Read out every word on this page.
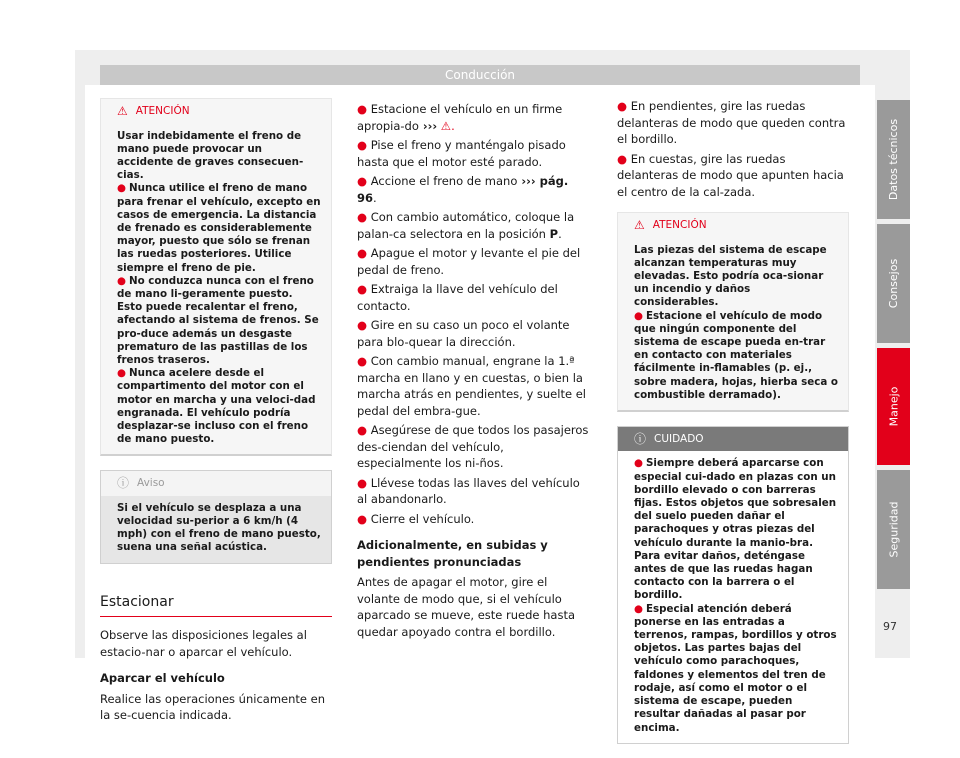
Conducción
⚠ ATENCIÓN

Usar indebidamente el freno de mano puede provocar un accidente de graves consecuen-cias.

● Nunca utilice el freno de mano para frenar el vehículo, excepto en casos de emergencia. La distancia de frenado es considerablemente mayor, puesto que sólo se frenan las ruedas posteriores. Utilice siempre el freno de pie.

● No conduzca nunca con el freno de mano li-geramente puesto. Esto puede recalentar el freno, afectando al sistema de frenos. Se pro-duce además un desgaste prematuro de las pastillas de los frenos traseros.

● Nunca acelere desde el compartimento del motor con el motor en marcha y una veloci-dad engranada. El vehículo podría desplazar-se incluso con el freno de mano puesto.

ⓘ Aviso

Si el vehículo se desplaza a una velocidad su-perior a 6 km/h (4 mph) con el freno de mano puesto, suena una señal acústica.

Estacionar

Observe las disposiciones legales al estacio-nar o aparcar el vehículo.

Aparcar el vehículo

Realice las operaciones únicamente en la se-cuencia indicada.

● Estacione el vehículo en un firme apropia-do ››› ⚠.
● Pise el freno y manténgalo pisado hasta que el motor esté parado.
● Accione el freno de mano ››› pág. 96.
● Con cambio automático, coloque la palan-ca selectora en la posición P.
● Apague el motor y levante el pie del pedal de freno.
● Extraiga la llave del vehículo del contacto.
● Gire en su caso un poco el volante para blo-quear la dirección.
● Con cambio manual, engrane la 1.ª marcha en llano y en cuestas, o bien la marcha atrás en pendientes, y suelte el pedal del embra-gue.
● Asegúrese de que todos los pasajeros des-ciendan del vehículo, especialmente los ni-ños.
● Llévese todas las llaves del vehículo al abandonarlo.
● Cierre el vehículo.

Adicionalmente, en subidas y pendientes pronunciadas

Antes de apagar el motor, gire el volante de modo que, si el vehículo aparcado se mueve, este ruede hasta quedar apoyado contra el bordillo.

● En pendientes, gire las ruedas delanteras de modo que queden contra el bordillo.
● En cuestas, gire las ruedas delanteras de modo que apunten hacia el centro de la cal-zada.
⚠ ATENCIÓN

Las piezas del sistema de escape alcanzan temperaturas muy elevadas. Esto podría oca-sionar un incendio y daños considerables.

● Estacione el vehículo de modo que ningún componente del sistema de escape pueda en-trar en contacto con materiales fácilmente in-flamables (p. ej., sobre madera, hojas, hierba seca o combustible derramado).

ⓘ CUIDADO

● Siempre deberá aparcarse con especial cui-dado en plazas con un bordillo elevado o con barreras fijas. Estos objetos que sobresalen del suelo pueden dañar el parachoques y otras piezas del vehículo durante la manio-bra. Para evitar daños, deténgase antes de que las ruedas hagan contacto con la barrera o el bordillo.

● Especial atención deberá ponerse en las entradas a terrenos, rampas, bordillos y otros objetos. Las partes bajas del vehículo como parachoques, faldones y elementos del tren de rodaje, así como el motor o el sistema de escape, pueden resultar dañadas al pasar por encima.

Datos técnicos
Consejos
Manejo
Seguridad
97
